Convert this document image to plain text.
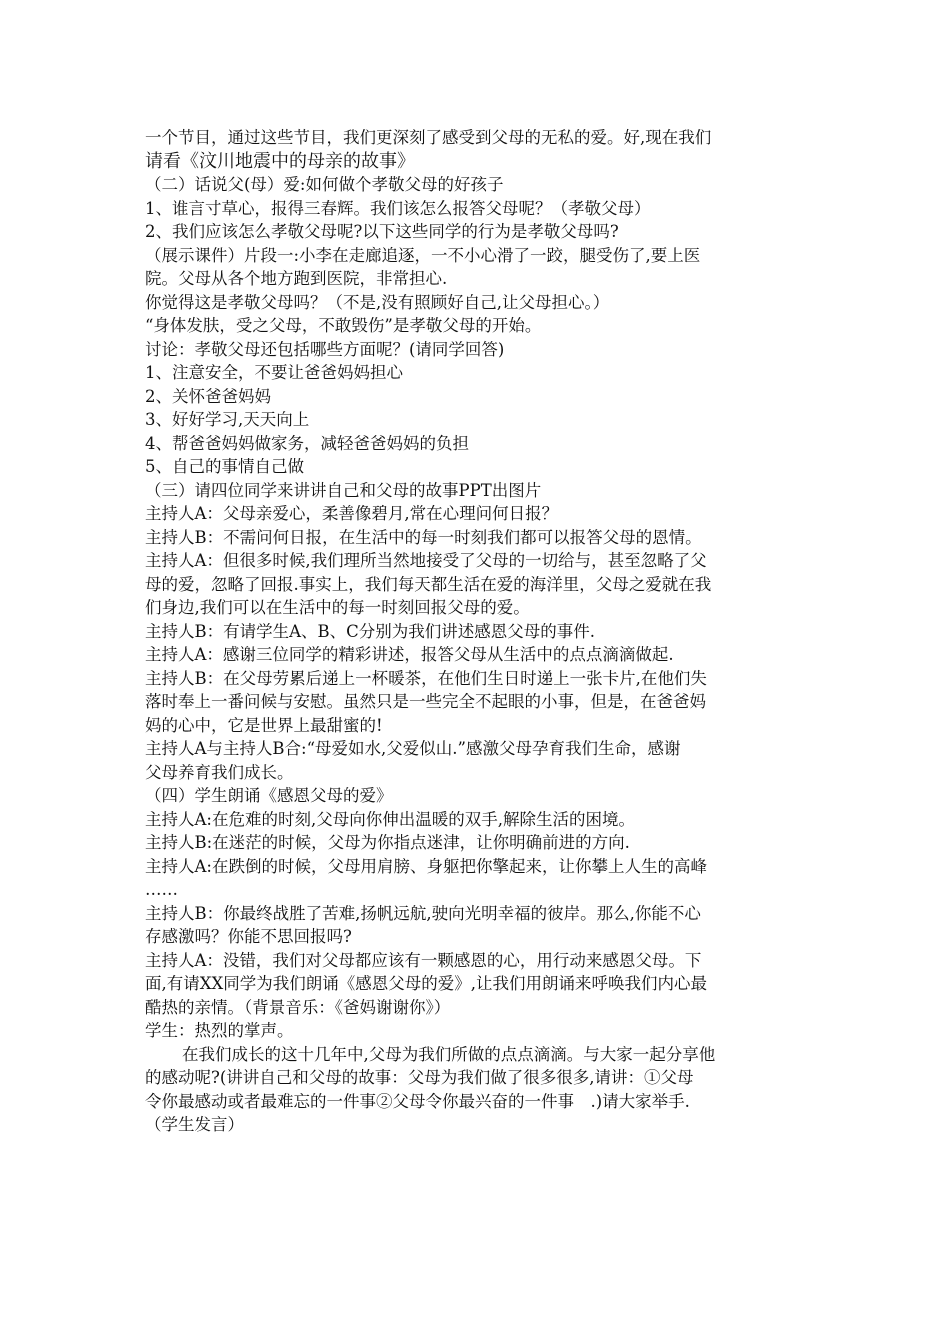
一个节目，通过这些节目，我们更深刻了感受到父母的无私的爱。好,现在我们
请看《汶川地震中的母亲的故事》
（二）话说父(母）爱:如何做个孝敬父母的好孩子
1、谁言寸草心，报得三春辉。我们该怎么报答父母呢？（孝敬父母）
2、我们应该怎么孝敬父母呢?以下这些同学的行为是孝敬父母吗?
（展示课件）片段一:小李在走廊追逐，一不小心滑了一跤，腿受伤了,要上医
院。父母从各个地方跑到医院，非常担心.
你觉得这是孝敬父母吗？（不是,没有照顾好自己,让父母担心。）
“身体发肤，受之父母，不敢毁伤”是孝敬父母的开始。
讨论：孝敬父母还包括哪些方面呢？(请同学回答)
1、注意安全，不要让爸爸妈妈担心
2、关怀爸爸妈妈
3、好好学习,天天向上
4、帮爸爸妈妈做家务，减轻爸爸妈妈的负担
5、自己的事情自己做
（三）请四位同学来讲讲自己和父母的故事PPT出图片
主持人A：父母亲爱心，柔善像碧月,常在心理问何日报？
主持人B：不需问何日报，在生活中的每一时刻我们都可以报答父母的恩情。
主持人A：但很多时候,我们理所当然地接受了父母的一切给与，甚至忽略了父
母的爱，忽略了回报.事实上，我们每天都生活在爱的海洋里，父母之爱就在我
们身边,我们可以在生活中的每一时刻回报父母的爱。
主持人B：有请学生A、B、C分别为我们讲述感恩父母的事件.
主持人A：感谢三位同学的精彩讲述，报答父母从生活中的点点滴滴做起.
主持人B：在父母劳累后递上一杯暖茶，在他们生日时递上一张卡片,在他们失
落时奉上一番问候与安慰。虽然只是一些完全不起眼的小事，但是，在爸爸妈
妈的心中，它是世界上最甜蜜的!
主持人A与主持人B合:“母爱如水,父爱似山.”感激父母孕育我们生命，感谢
父母养育我们成长。
（四）学生朗诵《感恩父母的爱》
主持人A:在危难的时刻,父母向你伸出温暖的双手,解除生活的困境。
主持人B:在迷茫的时候，父母为你指点迷津，让你明确前进的方向.
主持人A:在跌倒的时候，父母用肩膀、身躯把你擎起来，让你攀上人生的高峰
……
主持人B：你最终战胜了苦难,扬帆远航,驶向光明幸福的彼岸。那么,你能不心
存感激吗？你能不思回报吗?
主持人A：没错，我们对父母都应该有一颗感恩的心，用行动来感恩父母。下
面,有请XX同学为我们朗诵《感恩父母的爱》,让我们用朗诵来呼唤我们内心最
酷热的亲情。（背景音乐：《爸妈谢谢你》）
学生：热烈的掌声。
在我们成长的这十几年中,父母为我们所做的点点滴滴。与大家一起分享他
的感动呢?(讲讲自己和父母的故事：父母为我们做了很多很多,请讲：①父母
令你最感动或者最难忘的一件事②父母令你最兴奋的一件事　.)请大家举手.
（学生发言）
